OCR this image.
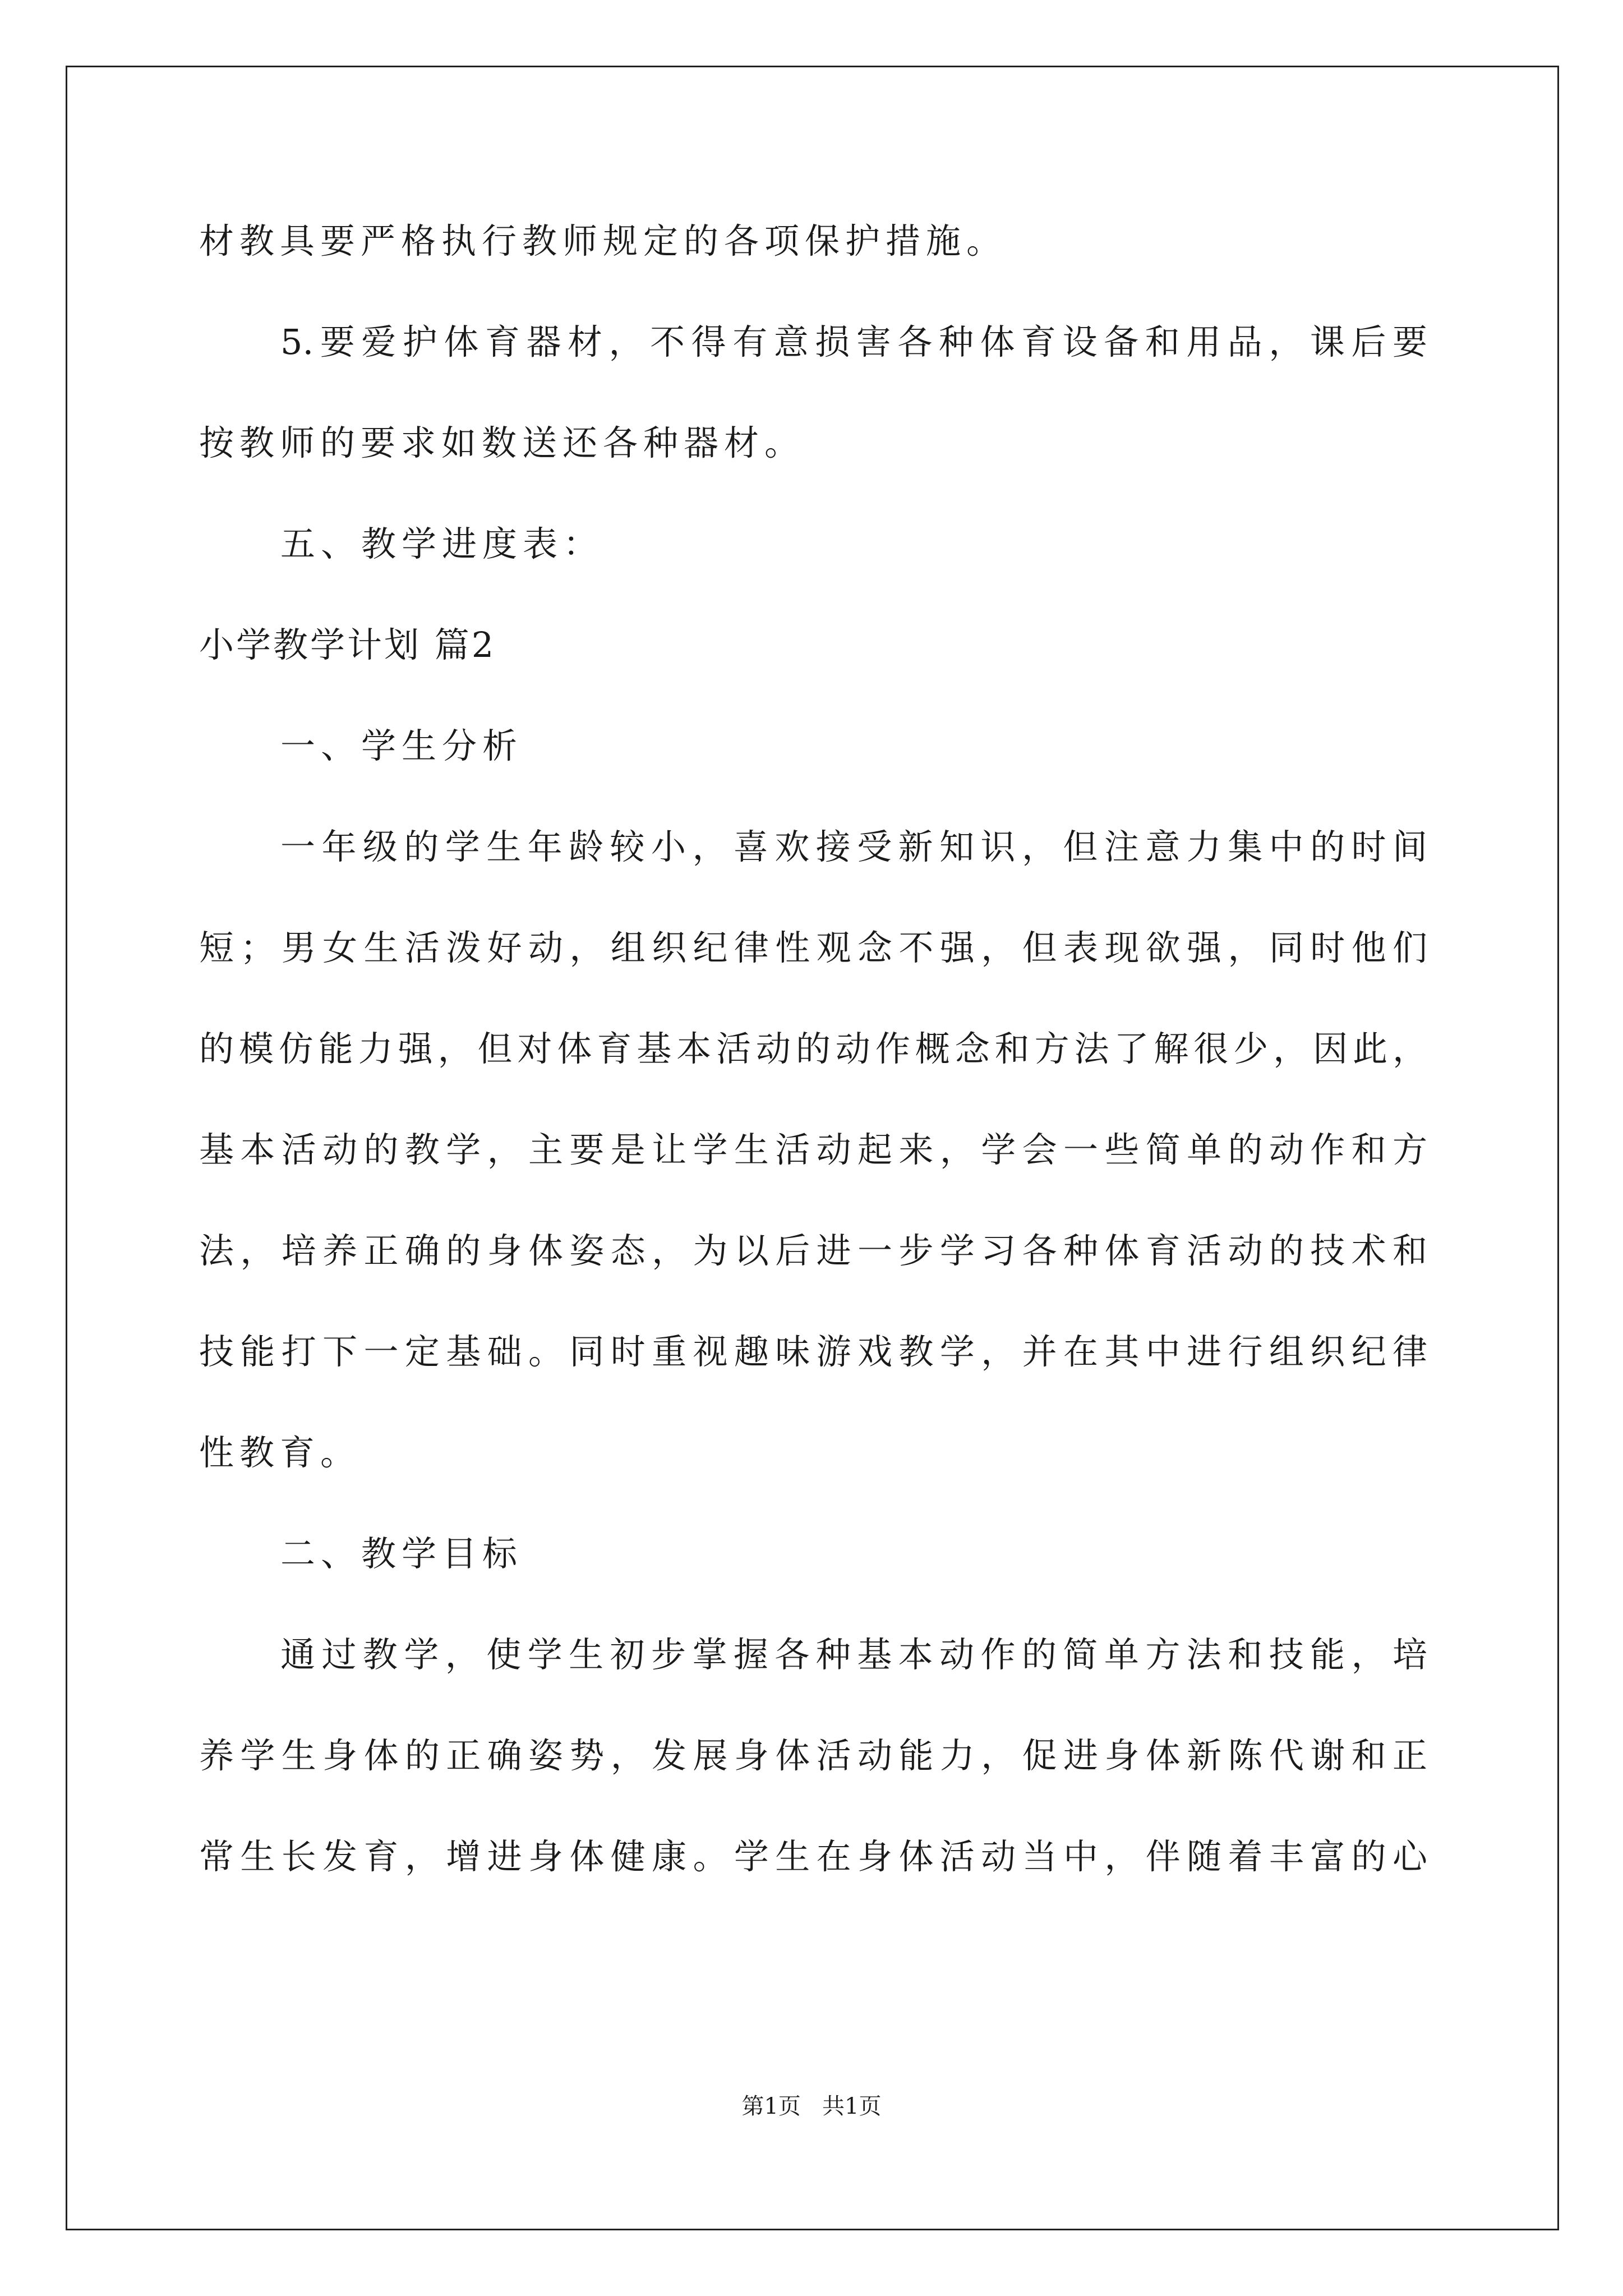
材教具要严格执行教师规定的各项保护措施。
5.要爱护体育器材，不得有意损害各种体育设备和用品，课后要
按教师的要求如数送还各种器材。
五、教学进度表：
小学教学计划 篇2
一、学生分析
一年级的学生年龄较小，喜欢接受新知识，但注意力集中的时间
短；男女生活泼好动，组织纪律性观念不强，但表现欲强，同时他们
的模仿能力强，但对体育基本活动的动作概念和方法了解很少，因此，
基本活动的教学，主要是让学生活动起来，学会一些简单的动作和方
法，培养正确的身体姿态，为以后进一步学习各种体育活动的技术和
技能打下一定基础。同时重视趣味游戏教学，并在其中进行组织纪律
性教育。
二、教学目标
通过教学，使学生初步掌握各种基本动作的简单方法和技能，培
养学生身体的正确姿势，发展身体活动能力，促进身体新陈代谢和正
常生长发育，增进身体健康。学生在身体活动当中，伴随着丰富的心
第1页   共1页
